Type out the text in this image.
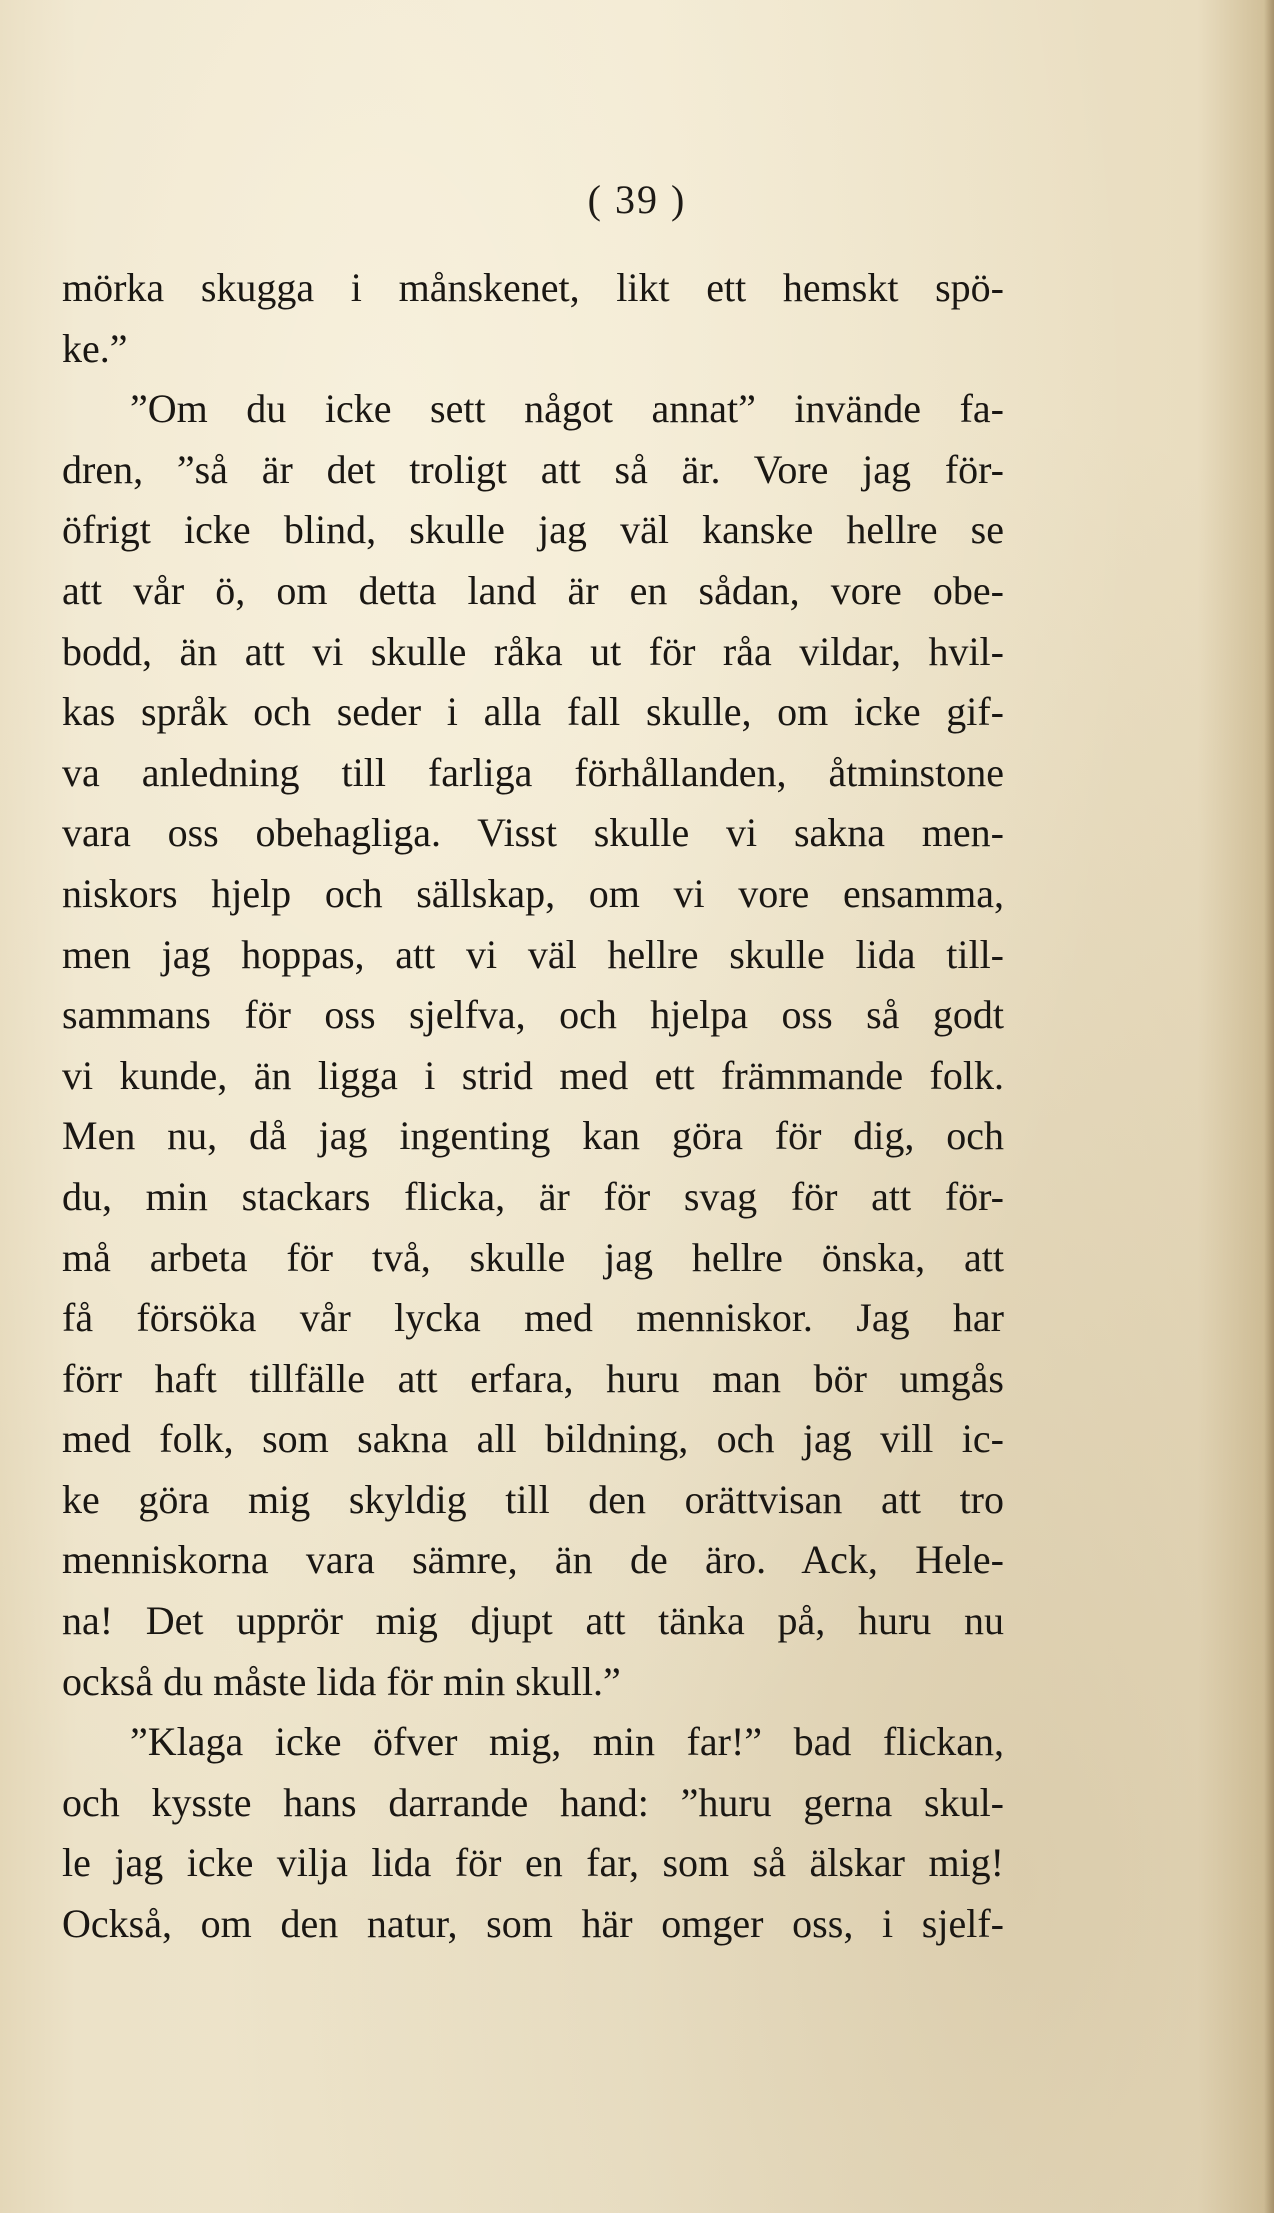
( 39 )

mörka skugga i månskenet, likt ett hemskt spö-
ke.”
”Om du icke sett något annat” invände fa-
dren, ”så är det troligt att så är. Vore jag för-
öfrigt icke blind, skulle jag väl kanske hellre se
att vår ö, om detta land är en sådan, vore obe-
bodd, än att vi skulle råka ut för råa vildar, hvil-
kas språk och seder i alla fall skulle, om icke gif-
va anledning till farliga förhållanden, åtminstone
vara oss obehagliga. Visst skulle vi sakna men-
niskors hjelp och sällskap, om vi vore ensamma,
men jag hoppas, att vi väl hellre skulle lida till-
sammans för oss sjelfva, och hjelpa oss så godt
vi kunde, än ligga i strid med ett främmande folk.
Men nu, då jag ingenting kan göra för dig, och
du, min stackars flicka, är för svag för att för-
må arbeta för två, skulle jag hellre önska, att
få försöka vår lycka med menniskor. Jag har
förr haft tillfälle att erfara, huru man bör umgås
med folk, som sakna all bildning, och jag vill ic-
ke göra mig skyldig till den orättvisan att tro
menniskorna vara sämre, än de äro. Ack, Hele-
na! Det upprör mig djupt att tänka på, huru nu
också du måste lida för min skull.”
”Klaga icke öfver mig, min far!” bad flickan,
och kysste hans darrande hand: ”huru gerna skul-
le jag icke vilja lida för en far, som så älskar mig!
Också, om den natur, som här omger oss, i sjelf-
